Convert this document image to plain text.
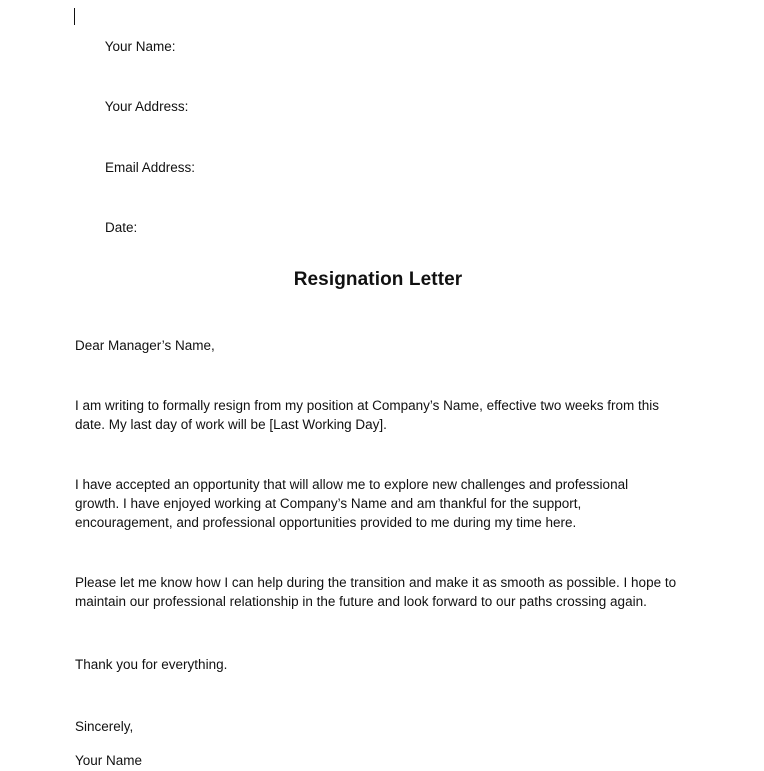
Your Name:

Your Address:

Email Address:

Date:

Resignation Letter
Dear Manager’s Name,
I am writing to formally resign from my position at Company’s Name, effective two weeks from this date. My last day of work will be [Last Working Day].
I have accepted an opportunity that will allow me to explore new challenges and professional growth. I have enjoyed working at Company’s Name and am thankful for the support, encouragement, and professional opportunities provided to me during my time here.
Please let me know how I can help during the transition and make it as smooth as possible. I hope to maintain our professional relationship in the future and look forward to our paths crossing again.
Thank you for everything.
Sincerely,
Your Name
